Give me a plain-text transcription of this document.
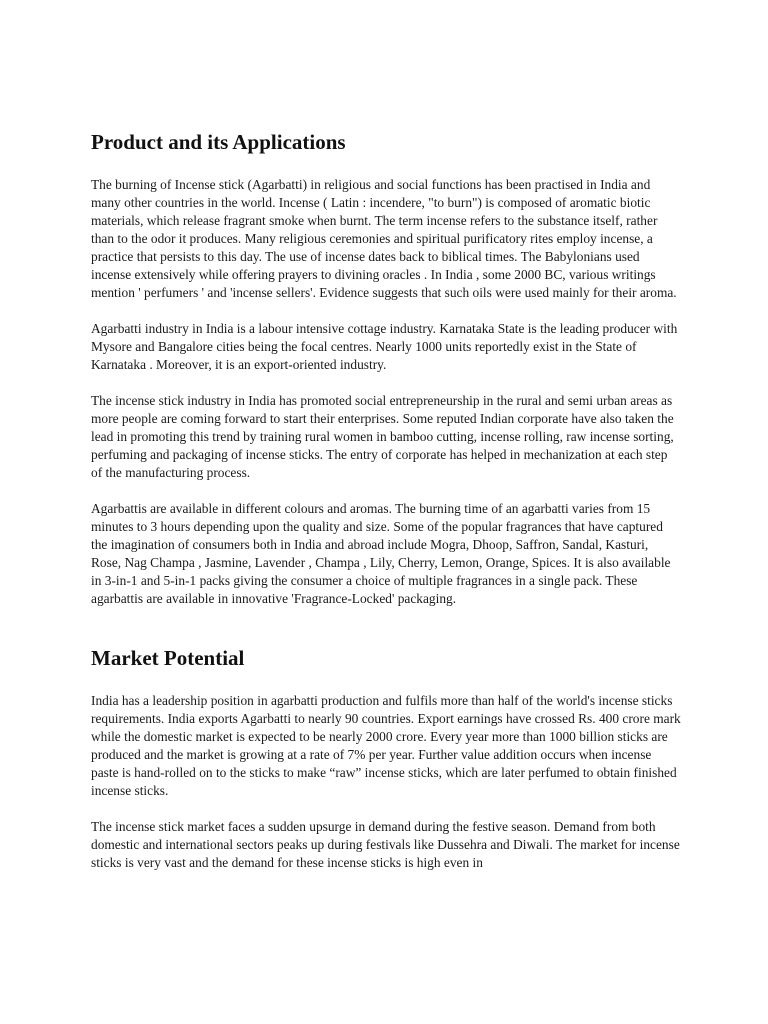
Product and its Applications

The burning of Incense stick (Agarbatti) in religious and social functions has been practised in India and many other countries in the world. Incense ( Latin : incendere, "to burn") is composed of aromatic biotic materials, which release fragrant smoke when burnt. The term incense refers to the substance itself, rather than to the odor it produces. Many religious ceremonies and spiritual purificatory rites employ incense, a practice that persists to this day. The use of incense dates back to biblical times. The Babylonians used incense extensively while offering prayers to divining oracles . In India , some 2000 BC, various writings mention ' perfumers ' and 'incense sellers'. Evidence suggests that such oils were used mainly for their aroma.

Agarbatti industry in India is a labour intensive cottage industry. Karnataka State is the leading producer with Mysore and Bangalore cities being the focal centres. Nearly 1000 units reportedly exist in the State of Karnataka . Moreover, it is an export-oriented industry.

The incense stick industry in India has promoted social entrepreneurship in the rural and semi urban areas as more people are coming forward to start their enterprises. Some reputed Indian corporate have also taken the lead in promoting this trend by training rural women in bamboo cutting, incense rolling, raw incense sorting, perfuming and packaging of incense sticks. The entry of corporate has helped in mechanization at each step of the manufacturing process.

Agarbattis are available in different colours and aromas. The burning time of an agarbatti varies from 15 minutes to 3 hours depending upon the quality and size. Some of the popular fragrances that have captured the imagination of consumers both in India and abroad include Mogra, Dhoop, Saffron, Sandal, Kasturi, Rose, Nag Champa , Jasmine, Lavender , Champa , Lily, Cherry, Lemon, Orange, Spices. It is also available in 3-in-1 and 5-in-1 packs giving the consumer a choice of multiple fragrances in a single pack. These agarbattis are available in innovative 'Fragrance-Locked' packaging.

Market Potential

India has a leadership position in agarbatti production and fulfils more than half of the world's incense sticks requirements. India exports Agarbatti to nearly 90 countries. Export earnings have crossed Rs. 400 crore mark while the domestic market is expected to be nearly 2000 crore. Every year more than 1000 billion sticks are produced and the market is growing at a rate of 7% per year. Further value addition occurs when incense paste is hand-rolled on to the sticks to make “raw” incense sticks, which are later perfumed to obtain finished incense sticks.

The incense stick market faces a sudden upsurge in demand during the festive season. Demand from both domestic and international sectors peaks up during festivals like Dussehra and Diwali. The market for incense sticks is very vast and the demand for these incense sticks is high even in
